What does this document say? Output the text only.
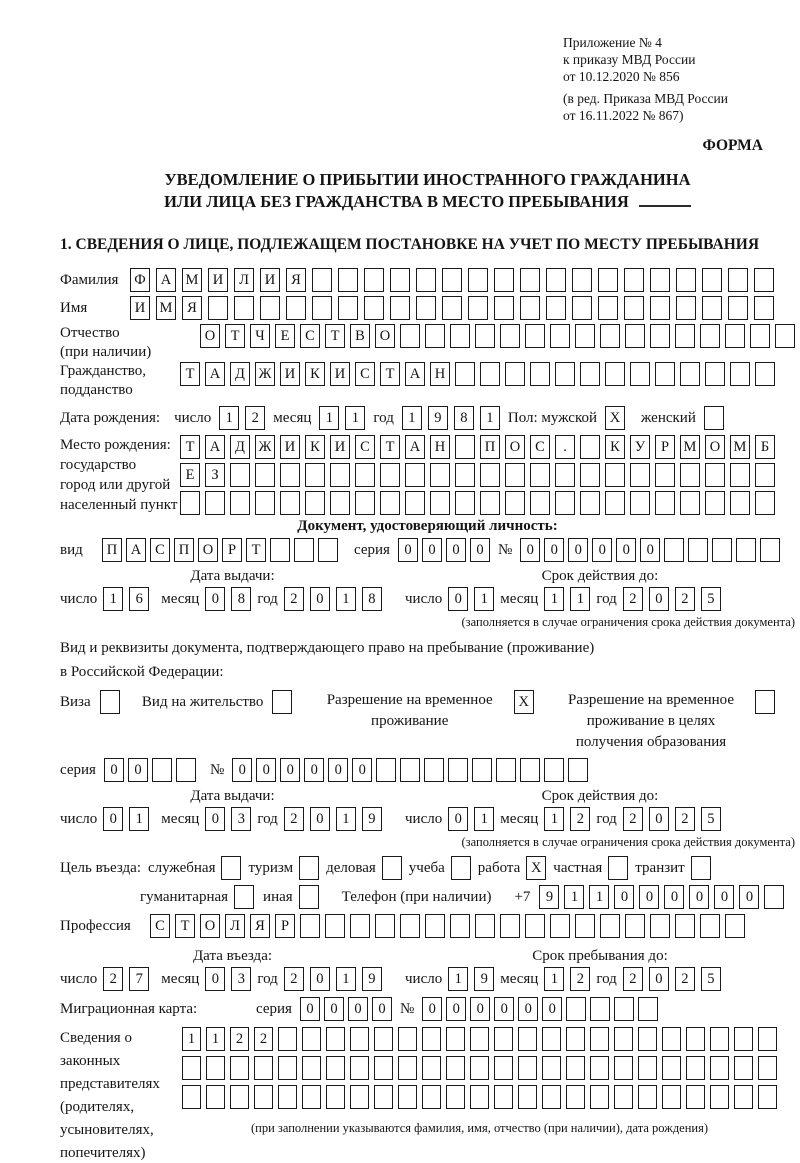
Приложение № 4
к приказу МВД России
от 10.12.2020 № 856
(в ред. Приказа МВД России
от 16.11.2022 № 867)
ФОРМА
УВЕДОМЛЕНИЕ О ПРИБЫТИИ ИНОСТРАННОГО ГРАЖДАНИНА
ИЛИ ЛИЦА БЕЗ ГРАЖДАНСТВА В МЕСТО ПРЕБЫВАНИЯ
1. СВЕДЕНИЯ О ЛИЦЕ, ПОДЛЕЖАЩЕМ ПОСТАНОВКЕ НА УЧЕТ ПО МЕСТУ ПРЕБЫВАНИЯ
Фамилия	Ф	А М И	Л	И	Я
Имя	И М	Я
Отчество
(при наличии)
О	Т	Ч	Е	С	Т	В	О
Гражданство,
подданство
Т	А	Д Ж И	К	И	С	Т	А	Н
Дата рождения: число 1	2 месяц 1	1 год 1	9	8	1 Пол: мужской X	женский
Место рождения:
государство
город или другой
населенный пункт
Т	А	Д Ж И	К	И	С	Т	А	Н	П	О	С	.	К	У	Р	М О М Б
Е	З
Документ, удостоверяющий личность:
вид	П А С П О	Р	Т	серия 0	0	0	0 № 0	0	0	0	0	0
Дата выдачи:
число 1	6	месяц 0	8 год 2	0	1	8
Срок действия до:
число 0	1 месяц 1	1 год 2	0	2	5
(заполняется в случае ограничения срока действия документа)
Вид и реквизиты документа, подтверждающего право на пребывание (проживание)
в Российской Федерации:
Виза	Вид на жительство	Разрешение на временное проживание
X	Разрешение на временное проживание в целях получения образования
серия 0	0	№ 0	0	0	0	0	0
Дата выдачи:
число 0	1	месяц 0	3 год 2	0	1	9
Срок действия до:
число 0	1 месяц 1	2 год 2	0	2	5
(заполняется в случае ограничения срока действия документа)
Цель въезда: служебная туризм деловая учеба работа X частная транзит
гуманитарная иная	Телефон (при наличии) +7	9	1	1	0	0	0	0	0	0
Профессия	С	Т	О	Л	Я	Р
Дата въезда:
число 2	7	месяц 0	3 год 2	0	1	9
Срок пребывания до:
число 1	9 месяц 1	2 год 2	0	2	5
Миграционная карта:	серия 0	0	0	0 № 0	0	0	0	0	0
Сведения о
законных
представителях
(родителях,
усыновителях,
попечителях)
1	1	2	2
(при заполнении указываются фамилия, имя, отчество (при наличии), дата рождения)
